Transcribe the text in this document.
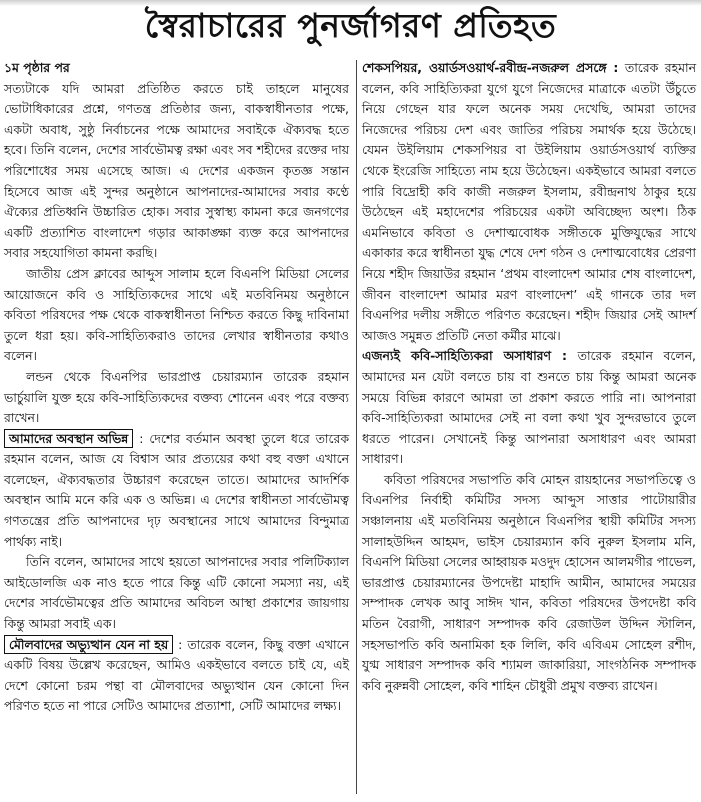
স্বৈরাচারের পুনর্জাগরণ প্রতিহত

১ম পৃষ্ঠার পর
সত্যটাকে যদি আমরা প্রতিষ্ঠিত করতে চাই তাহলে মানুষের ভোটাধিকারের প্রশ্নে, গণতন্ত্র প্রতিষ্ঠার জন্য, বাকস্বাধীনতার পক্ষে, একটা অবাধ, সুষ্ঠু নির্বাচনের পক্ষে আমাদের সবাইকে ঐক্যবদ্ধ হতে হবে। তিনি বলেন, দেশের সার্বভৌমত্ব রক্ষা এবং সব শহীদের রক্তের দায় পরিশোধের সময় এসেছে আজ। এ দেশের একজন কৃতজ্ঞ সন্তান হিসেবে আজ এই সুন্দর অনুষ্ঠানে আপনাদের-আমাদের সবার কণ্ঠে ঐক্যের প্রতিধ্বনি উচ্চারিত হোক। সবার সুস্বাস্থ্য কামনা করে জনগণের একটি প্রত্যাশিত বাংলাদেশ গড়ার আকাঙ্ক্ষা ব্যক্ত করে আপনাদের সবার সহযোগিতা কামনা করছি।

জাতীয় প্রেস ক্লাবের আব্দুস সালাম হলে বিএনপি মিডিয়া সেলের আয়োজনে কবি ও সাহিত্যিকদের সাথে এই মতবিনিময় অনুষ্ঠানে কবিতা পরিষদের পক্ষ থেকে বাকস্বাধীনতা নিশ্চিত করতে কিছু দাবিনামা তুলে ধরা হয়। কবি-সাহিত্যিকরাও তাদের লেখার স্বাধীনতার কথাও বলেন।

লন্ডন থেকে বিএনপির ভারপ্রাপ্ত চেয়ারম্যান তারেক রহমান ভার্চুয়ালি যুক্ত হয়ে কবি-সাহিত্যিকদের বক্তব্য শোনেন এবং পরে বক্তব্য রাখেন।

আমাদের অবস্থান অভিন্ন : দেশের বর্তমান অবস্থা তুলে ধরে তারেক রহমান বলেন, আজ যে বিশ্বাস আর প্রত্যয়ের কথা বহু বক্তা এখানে বলেছেন, ঐক্যবদ্ধতার উচ্চারণ করেছেন তাতে। আমাদের আদর্শিক অবস্থান আমি মনে করি এক ও অভিন্ন। এ দেশের স্বাধীনতা সার্বভৌমত্ব গণতন্ত্রের প্রতি আপনাদের দৃঢ় অবস্থানের সাথে আমাদের বিন্দুমাত্র পার্থক্য নাই।

তিনি বলেন, আমাদের সাথে হয়তো আপনাদের সবার পলিটিক্যাল আইডোলজি এক নাও হতে পারে কিন্তু এটি কোনো সমস্যা নয়, এই দেশের সার্বভৌমত্বের প্রতি আমাদের অবিচল আস্থা প্রকাশের জায়গায় কিন্তু আমরা সবাই এক।

মৌলবাদের অভ্যুত্থান যেন না হয় : তারেক বলেন, কিছু বক্তা এখানে একটি বিষয় উল্লেখ করেছেন, আমিও একইভাবে বলতে চাই যে, এই দেশে কোনো চরম পন্থা বা মৌলবাদের অভ্যুত্থান যেন কোনো দিন পরিণত হতে না পারে সেটিও আমাদের প্রত্যাশা, সেটি আমাদের লক্ষ্য।

শেকসপিয়র, ওয়ার্ডসওয়ার্থ-রবীন্দ্র-নজরুল প্রসঙ্গে : তারেক রহমান বলেন, কবি সাহিত্যিকরা যুগে যুগে নিজেদের মাত্রাকে এতটা উঁচুতে নিয়ে গেছেন যার ফলে অনেক সময় দেখেছি, আমরা তাদের নিজেদের পরিচয় দেশ এবং জাতির পরিচয় সমার্থক হয়ে উঠেছে। যেমন উইলিয়াম শেকসপিয়র বা উইলিয়াম ওয়ার্ডসওয়ার্থ ব্যক্তির থেকে ইংরেজি সাহিত্যে নাম হয়ে উঠেছেন। একইভাবে আমরা বলতে পারি বিদ্রোহী কবি কাজী নজরুল ইসলাম, রবীন্দ্রনাথ ঠাকুর হয়ে উঠেছেন এই মহাদেশের পরিচয়ের একটা অবিচ্ছেদ্য অংশ। ঠিক এমনিভাবে কবিতা ও দেশাত্মবোধক সঙ্গীতকে মুক্তিযুদ্ধের সাথে একাকার করে স্বাধীনতা যুদ্ধ শেষে দেশ গঠন ও দেশাত্মবোধের প্রেরণা নিয়ে শহীদ জিয়াউর রহমান ‘প্রথম বাংলাদেশ আমার শেষ বাংলাদেশ, জীবন বাংলাদেশ আমার মরণ বাংলাদেশ’ এই গানকে তার দল বিএনপির দলীয় সঙ্গীতে পরিণত করেছেন। শহীদ জিয়ার সেই আদর্শ আজও সমুন্নত প্রতিটি নেতা কর্মীর মাঝে।

এজন্যই কবি-সাহিত্যিকরা অসাধারণ : তারেক রহমান বলেন, আমাদের মন যেটা বলতে চায় বা শুনতে চায় কিন্তু আমরা অনেক সময়ে বিভিন্ন কারণে আমরা তা প্রকাশ করতে পারি না। আপনারা কবি-সাহিত্যিকরা আমাদের সেই না বলা কথা খুব সুন্দরভাবে তুলে ধরতে পারেন। সেখানেই কিন্তু আপনারা অসাধারণ এবং আমরা সাধারণ।

কবিতা পরিষদের সভাপতি কবি মোহন রায়হানের সভাপতিত্বে ও বিএনপির নির্বাহী কমিটির সদস্য আব্দুস সাত্তার পাটোয়ারীর সঞ্চালনায় এই মতবিনিময় অনুষ্ঠানে বিএনপির স্থায়ী কমিটির সদস্য সালাহউদ্দিন আহমদ, ভাইস চেয়ারম্যান কবি নুরুল ইসলাম মনি, বিএনপি মিডিয়া সেলের আহ্বায়ক মওদুদ হোসেন আলমগীর পাভেল, ভারপ্রাপ্ত চেয়ারম্যানের উপদেষ্টা মাহাদি আমীন, আমাদের সময়ের সম্পাদক লেখক আবু সাঈদ খান, কবিতা পরিষদের উপদেষ্টা কবি মতিন বৈরাগী, সাধারণ সম্পাদক কবি রেজাউল উদ্দিন স্টালিন, সহসভাপতি কবি অনামিকা হক লিলি, কবি এবিএম সোহেল রশীদ, যুগ্ম সাধারণ সম্পাদক কবি শ্যামল জাকারিয়া, সাংগঠনিক সম্পাদক কবি নুরুন্নবী সোহেল, কবি শাহিন চৌধুরী প্রমুখ বক্তব্য রাখেন।
